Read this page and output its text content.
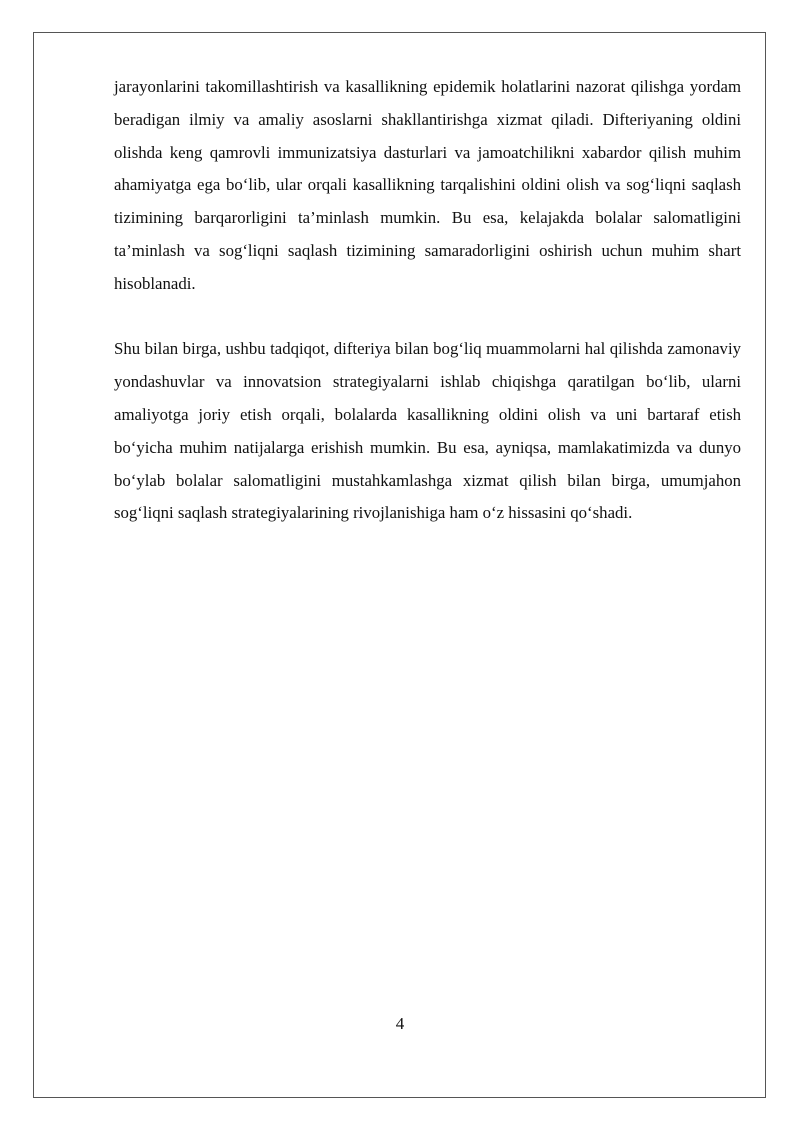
jarayonlarini takomillashtirish va kasallikning epidemik holatlarini nazorat qilishga yordam beradigan ilmiy va amaliy asoslarni shakllantirishga xizmat qiladi. Difteriyaning oldini olishda keng qamrovli immunizatsiya dasturlari va jamoatchilikni xabardor qilish muhim ahamiyatga ega bo‘lib, ular orqali kasallikning tarqalishini oldini olish va sog‘liqni saqlash tizimining barqarorligini ta’minlash mumkin. Bu esa, kelajakda bolalar salomatligini ta’minlash va sog‘liqni saqlash tizimining samaradorligini oshirish uchun muhim shart hisoblanadi.

Shu bilan birga, ushbu tadqiqot, difteriya bilan bog‘liq muammolarni hal qilishda zamonaviy yondashuvlar va innovatsion strategiyalarni ishlab chiqishga qaratilgan bo‘lib, ularni amaliyotga joriy etish orqali, bolalarda kasallikning oldini olish va uni bartaraf etish bo‘yicha muhim natijalarga erishish mumkin. Bu esa, ayniqsa, mamlakatimizda va dunyo bo‘ylab bolalar salomatligini mustahkamlashga xizmat qilish bilan birga, umumjahon sog‘liqni saqlash strategiyalarining rivojlanishiga ham o‘z hissasini qo‘shadi.

4
